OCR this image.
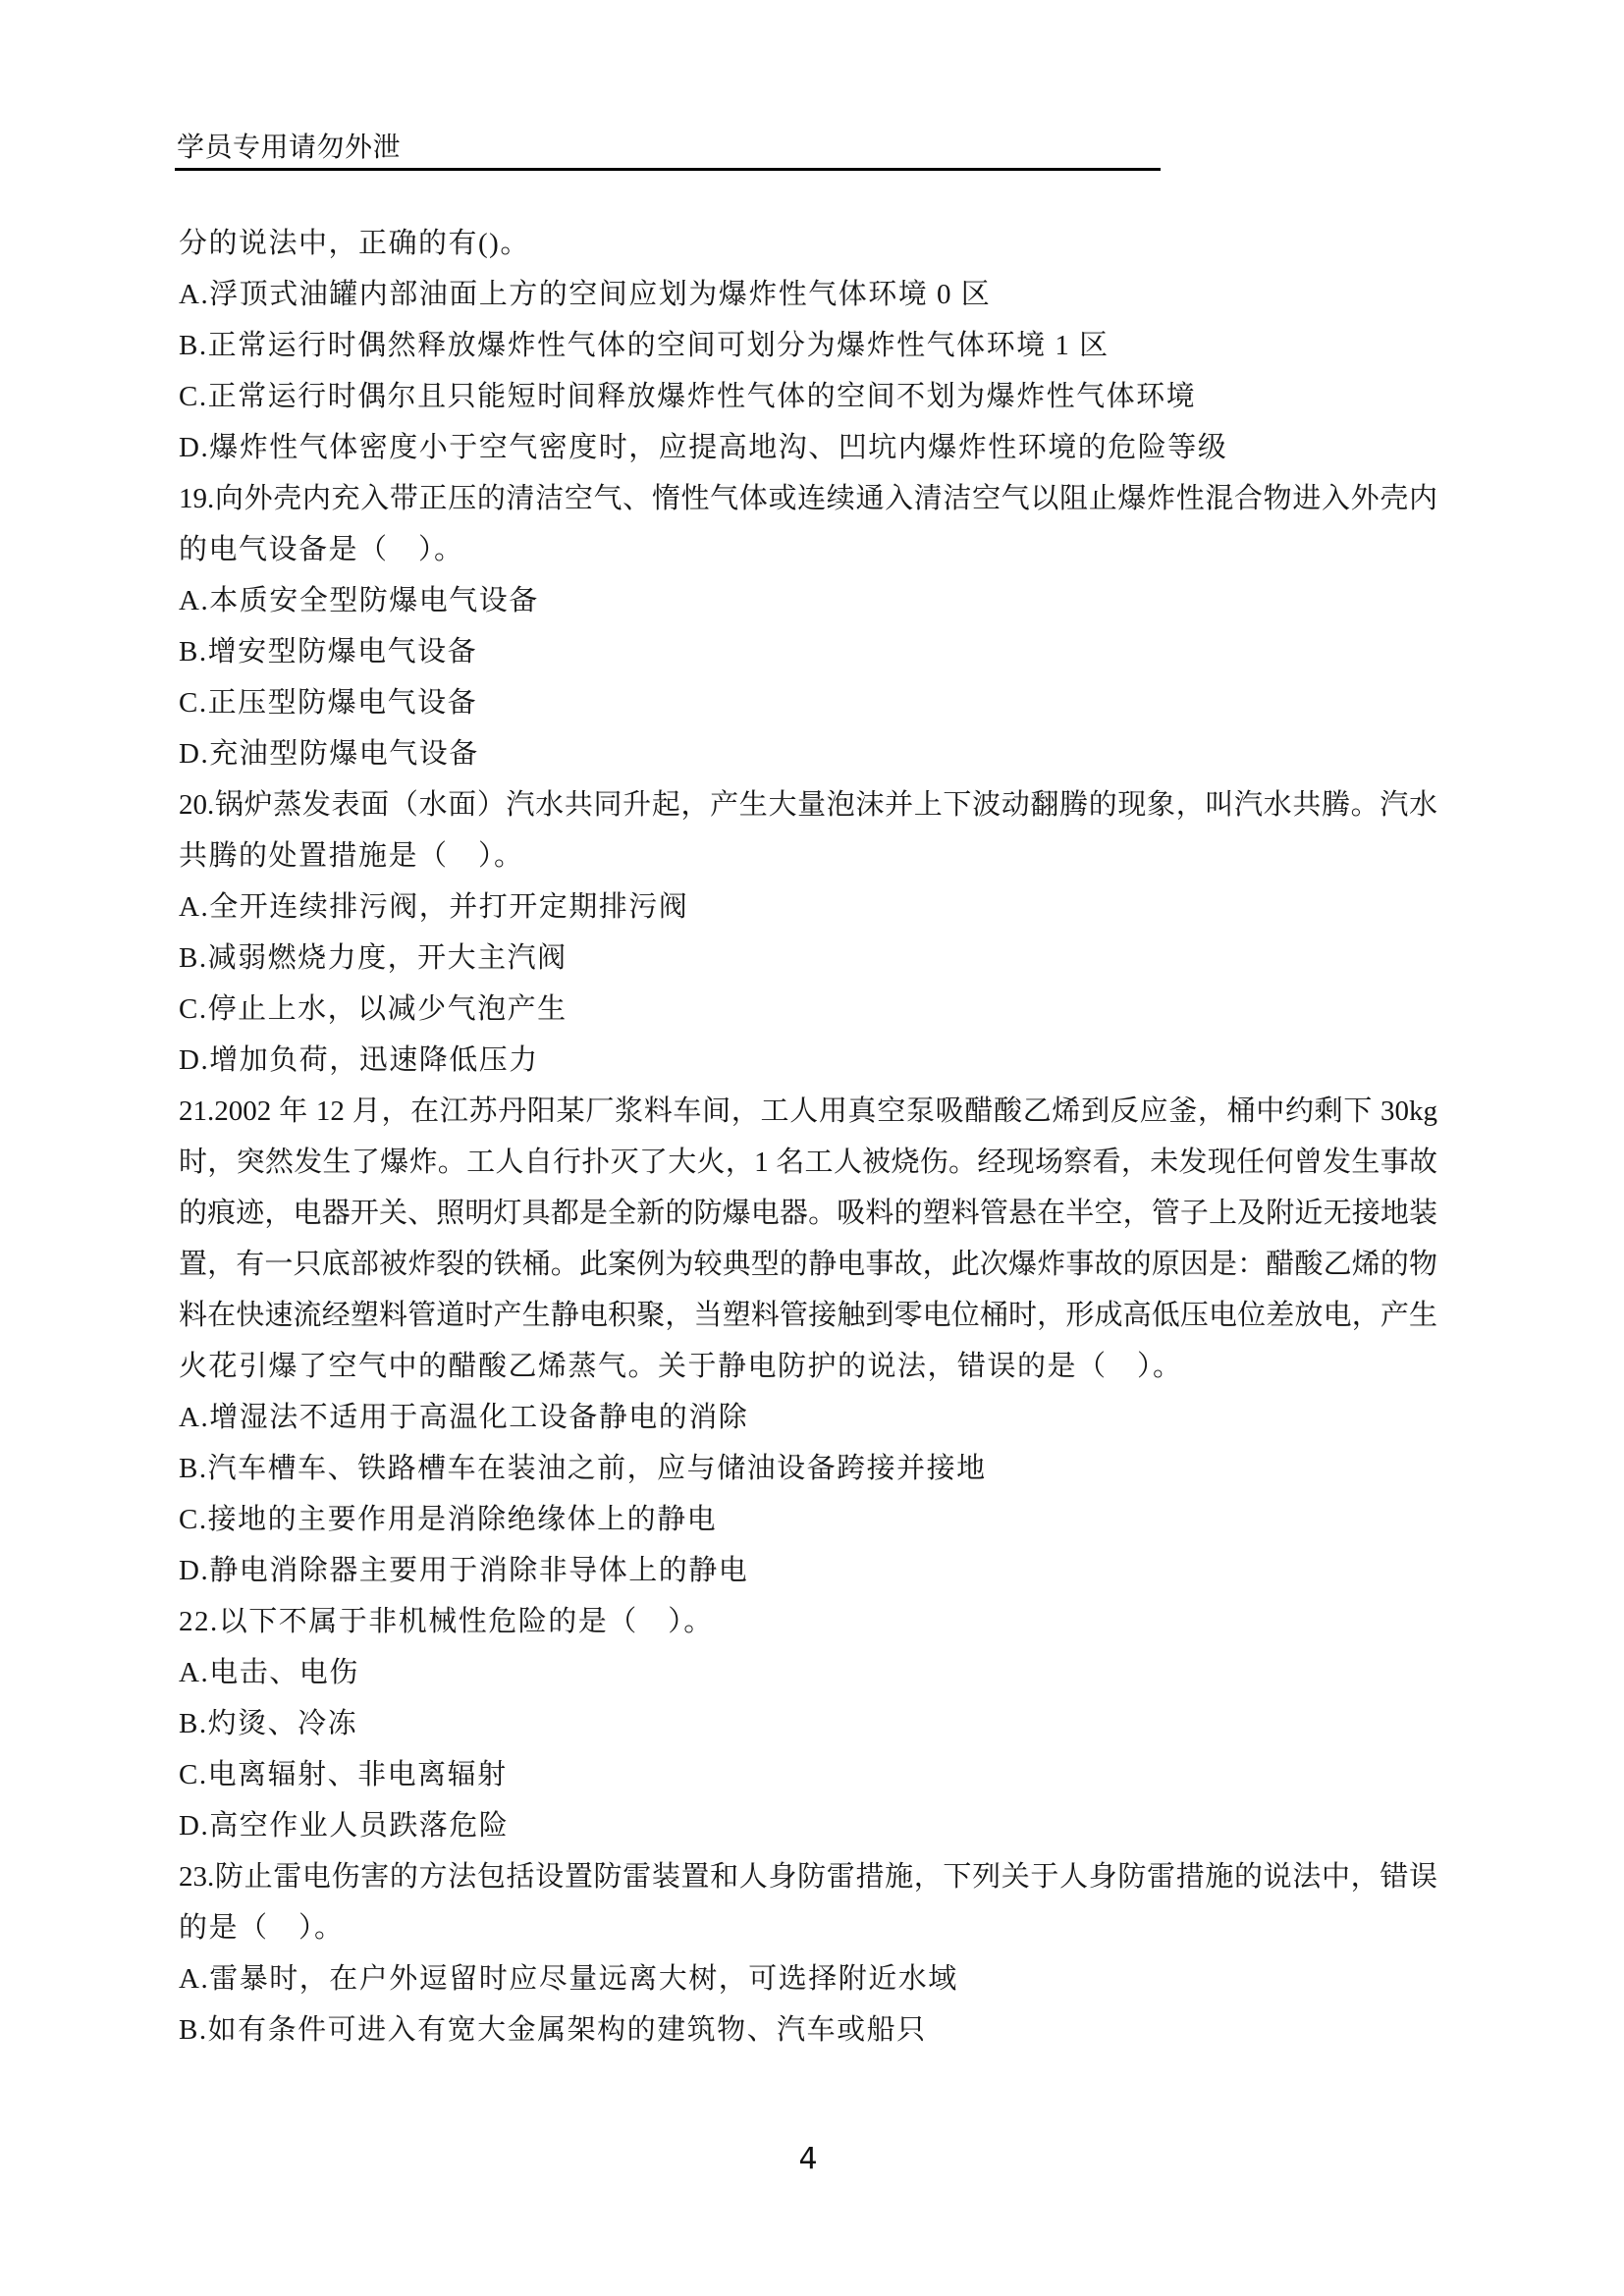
学员专用请勿外泄
分的说法中，正确的有()。
A.浮顶式油罐内部油面上方的空间应划为爆炸性气体环境 0 区
B.正常运行时偶然释放爆炸性气体的空间可划分为爆炸性气体环境 1 区
C.正常运行时偶尔且只能短时间释放爆炸性气体的空间不划为爆炸性气体环境
D.爆炸性气体密度小于空气密度时，应提高地沟、凹坑内爆炸性环境的危险等级
19.向外壳内充入带正压的清洁空气、惰性气体或连续通入清洁空气以阻止爆炸性混合物进入外壳内
的电气设备是（　）。
A.本质安全型防爆电气设备
B.增安型防爆电气设备
C.正压型防爆电气设备
D.充油型防爆电气设备
20.锅炉蒸发表面（水面）汽水共同升起，产生大量泡沫并上下波动翻腾的现象，叫汽水共腾。汽水
共腾的处置措施是（　）。
A.全开连续排污阀，并打开定期排污阀
B.减弱燃烧力度，开大主汽阀
C.停止上水，以减少气泡产生
D.增加负荷，迅速降低压力
21.2002 年 12 月，在江苏丹阳某厂浆料车间，工人用真空泵吸醋酸乙烯到反应釜，桶中约剩下 30kg
时，突然发生了爆炸。工人自行扑灭了大火，1 名工人被烧伤。经现场察看，未发现任何曾发生事故
的痕迹，电器开关、照明灯具都是全新的防爆电器。吸料的塑料管悬在半空，管子上及附近无接地装
置，有一只底部被炸裂的铁桶。此案例为较典型的静电事故，此次爆炸事故的原因是：醋酸乙烯的物
料在快速流经塑料管道时产生静电积聚，当塑料管接触到零电位桶时，形成高低压电位差放电，产生
火花引爆了空气中的醋酸乙烯蒸气。关于静电防护的说法，错误的是（　）。
A.增湿法不适用于高温化工设备静电的消除
B.汽车槽车、铁路槽车在装油之前，应与储油设备跨接并接地
C.接地的主要作用是消除绝缘体上的静电
D.静电消除器主要用于消除非导体上的静电
22.以下不属于非机械性危险的是（　）。
A.电击、电伤
B.灼烫、冷冻
C.电离辐射、非电离辐射
D.高空作业人员跌落危险
23.防止雷电伤害的方法包括设置防雷装置和人身防雷措施，下列关于人身防雷措施的说法中，错误
的是（　）。
A.雷暴时，在户外逗留时应尽量远离大树，可选择附近水域
B.如有条件可进入有宽大金属架构的建筑物、汽车或船只
4
